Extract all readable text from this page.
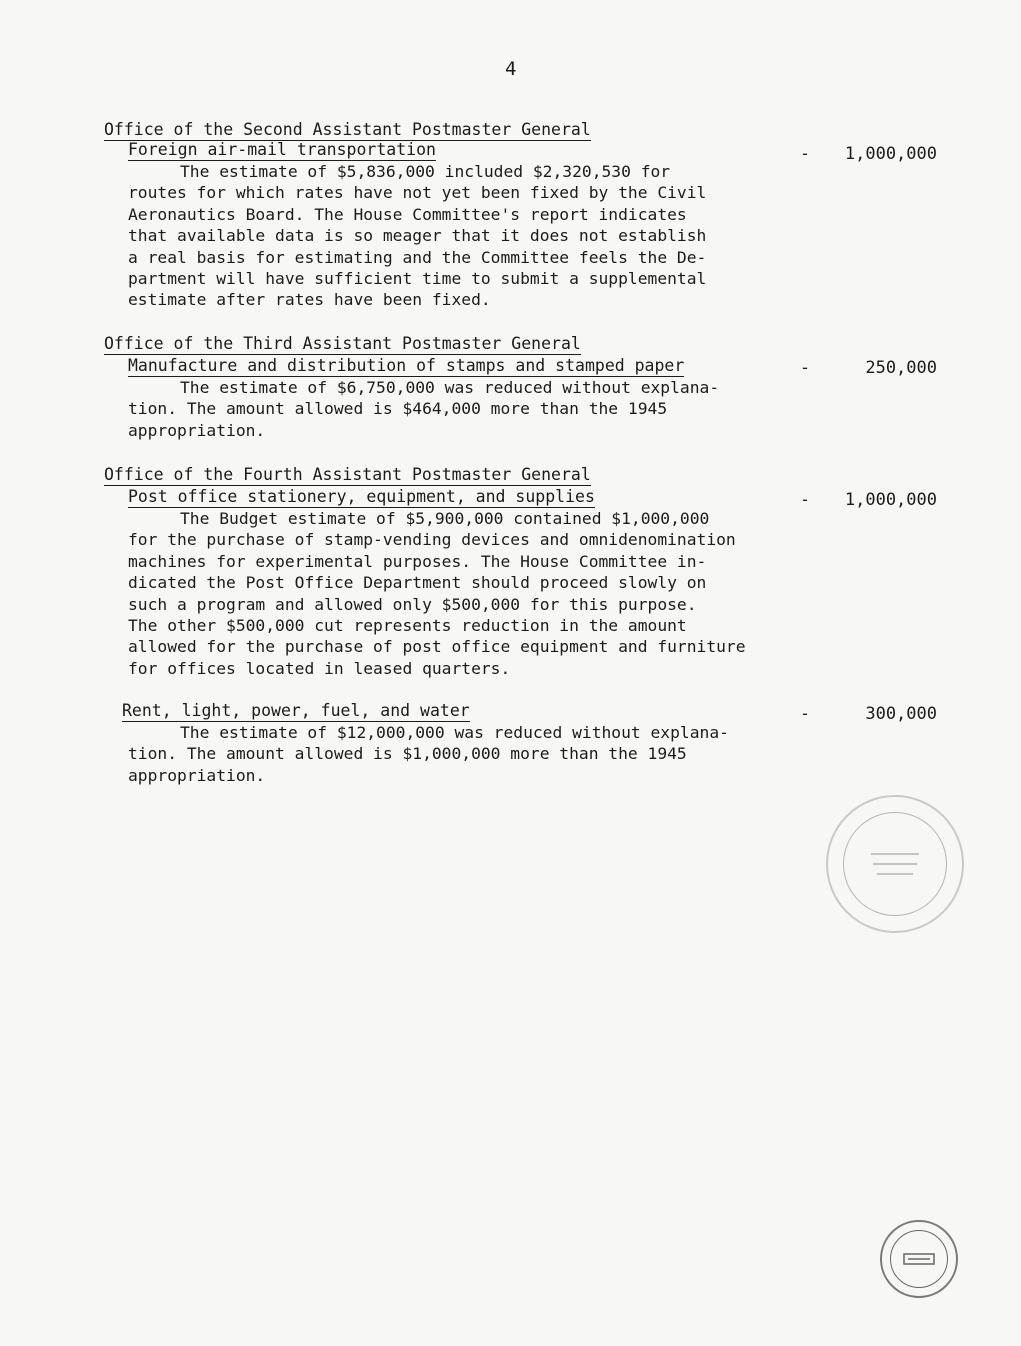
4
Office of the Second Assistant Postmaster General
Foreign air-mail transportation	- 1,000,000
The estimate of $5,836,000 included $2,320,530 for
routes for which rates have not yet been fixed by the Civil
Aeronautics Board. The House Committee's report indicates
that available data is so meager that it does not establish
a real basis for estimating and the Committee feels the De-
partment will have sufficient time to submit a supplemental
estimate after rates have been fixed.
Office of the Third Assistant Postmaster General
Manufacture and distribution of stamps and stamped paper	-	250,000
The estimate of $6,750,000 was reduced without explana-
tion. The amount allowed is $464,000 more than the 1945
appropriation.
Office of the Fourth Assistant Postmaster General
Post office stationery, equipment, and supplies	- 1,000,000
The Budget estimate of $5,900,000 contained $1,000,000
for the purchase of stamp-vending devices and omnidenomination
machines for experimental purposes. The House Committee in-
dicated the Post Office Department should proceed slowly on
such a program and allowed only $500,000 for this purpose.
The other $500,000 cut represents reduction in the amount
allowed for the purchase of post office equipment and furniture
for offices located in leased quarters.
Rent, light, power, fuel, and water	-	300,000
The estimate of $12,000,000 was reduced without explana-
tion. The amount allowed is $1,000,000 more than the 1945
appropriation.
